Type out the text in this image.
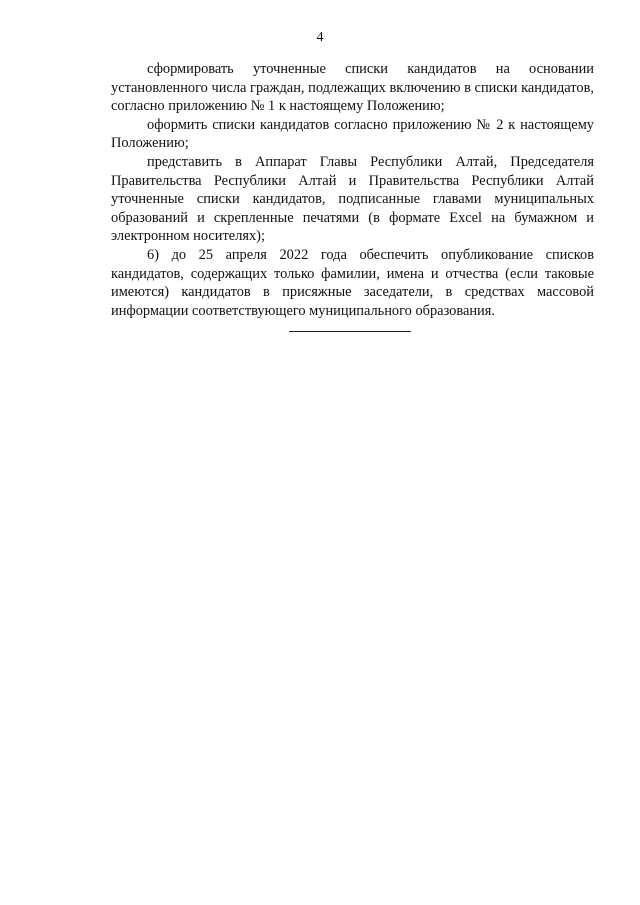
4

сформировать уточненные списки кандидатов на основании установленного числа граждан, подлежащих включению в списки кандидатов, согласно приложению № 1 к настоящему Положению;

оформить списки кандидатов согласно приложению № 2 к настоящему Положению;

представить в Аппарат Главы Республики Алтай, Председателя Правительства Республики Алтай и Правительства Республики Алтай уточненные списки кандидатов, подписанные главами муниципальных образований и скрепленные печатями (в формате Excel на бумажном и электронном носителях);

6) до 25 апреля 2022 года обеспечить опубликование списков кандидатов, содержащих только фамилии, имена и отчества (если таковые имеются) кандидатов в присяжные заседатели, в средствах массовой информации соответствующего муниципального образования.
